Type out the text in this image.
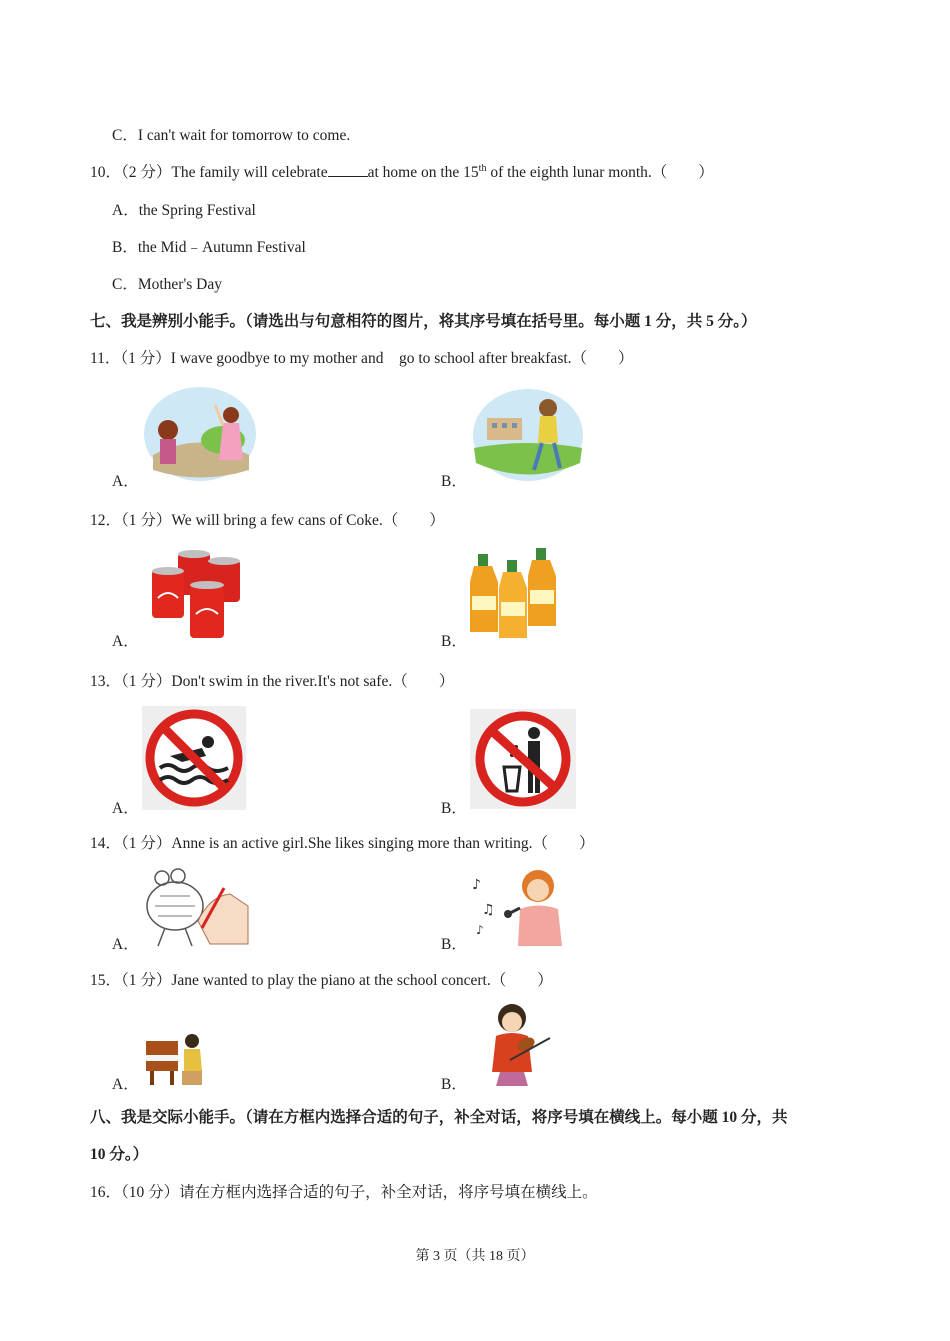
C．I can't wait for tomorrow to come.
10．（2 分）The family will celebrate	at home on the 15th of the eighth lunar month.（　　）
A．the Spring Festival
B．the Mid﹣Autumn Festival
C．Mother's Day
七、我是辨别小能手。（请选出与句意相符的图片，将其序号填在括号里。每小题 1 分，共 5 分。）
11．（1 分）I wave goodbye to my mother and　go to school after breakfast.（　　）
A．	B．
12．（1 分）We will bring a few cans of Coke.（　　）
A．	B．
13．（1 分）Don't swim in the river.It's not safe.（　　）
A．	B．
14．（1 分）Anne is an active girl.She likes singing more than writing.（　　）
A．
♪
♫
♪
B．
15．（1 分）Jane wanted to play the piano at the school concert.（　　）
A．	B．
八、我是交际小能手。（请在方框内选择合适的句子，补全对话，将序号填在横线上。每小题 10 分，共
10 分。）
16．（10 分）请在方框内选择合适的句子，补全对话，将序号填在横线上。
第 3 页（共 18 页）
